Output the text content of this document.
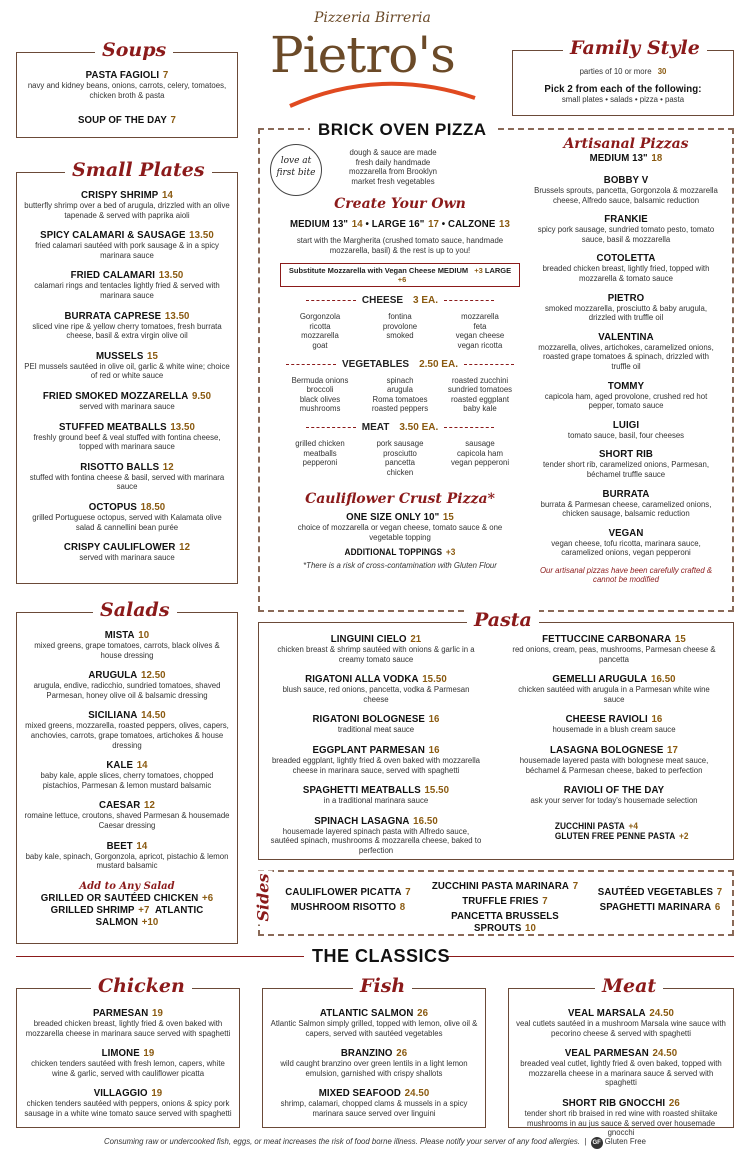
Pizzeria Birreria
Pietro's
Soups
PASTA FAGIOLI 7
navy and kidney beans, onions, carrots, celery, tomatoes, chicken broth & pasta
SOUP OF THE DAY 7
Family Style
parties of 10 or more 30
Pick 2 from each of the following:
small plates • salads • pizza • pasta
Small Plates
CRISPY SHRIMP 14
butterfly shrimp over a bed of arugula, drizzled with an olive tapenade & served with paprika aioli
SPICY CALAMARI & SAUSAGE 13.50
fried calamari sautéed with pork sausage & in a spicy marinara sauce
FRIED CALAMARI 13.50
calamari rings and tentacles lightly fried & served with marinara sauce
BURRATA CAPRESE 13.50
sliced vine ripe & yellow cherry tomatoes, fresh burrata cheese, basil & extra virgin olive oil
MUSSELS 15
PEI mussels sautéed in olive oil, garlic & white wine; choice of red or white sauce
FRIED SMOKED MOZZARELLA 9.50
served with marinara sauce
STUFFED MEATBALLS 13.50
freshly ground beef & veal stuffed with fontina cheese, topped with marinara sauce
RISOTTO BALLS 12
stuffed with fontina cheese & basil, served with marinara sauce
OCTOPUS 18.50
grilled Portuguese octopus, served with Kalamata olive salad & cannellini bean purée
CRISPY CAULIFLOWER 12
served with marinara sauce
Salads
MISTA 10
mixed greens, grape tomatoes, carrots, black olives & house dressing
ARUGULA 12.50
arugula, endive, radicchio, sundried tomatoes, shaved Parmesan, honey olive oil & balsamic dressing
SICILIANA 14.50
mixed greens, mozzarella, roasted peppers, olives, capers, anchovies, carrots, grape tomatoes, artichokes & house dressing
KALE 14
baby kale, apple slices, cherry tomatoes, chopped pistachios, Parmesan & lemon mustard balsamic
CAESAR 12
romaine lettuce, croutons, shaved Parmesan & housemade Caesar dressing
BEET 14
baby kale, spinach, Gorgonzola, apricot, pistachio & lemon mustard balsamic
Add to Any Salad
GRILLED OR SAUTÉED CHICKEN +6
GRILLED SHRIMP +7 ATLANTIC SALMON +10
BRICK OVEN PIZZA
love at first bite
dough & sauce are made fresh daily handmade mozzarella from Brooklyn market fresh vegetables
Create Your Own
MEDIUM 13" 14 • LARGE 16" 17 • CALZONE 13
start with the Margherita (crushed tomato sauce, handmade mozzarella, basil) & the rest is up to you!
Substitute Mozzarella with Vegan Cheese MEDIUM +3 LARGE +6
CHEESE 3 EA.
Gorgonzola
ricotta
mozzarella
goat
fontina
provolone
smoked
mozzarella
feta
vegan cheese
vegan ricotta
VEGETABLES 2.50 EA.
Bermuda onions
broccoli
black olives
mushrooms
spinach
arugula
Roma tomatoes
roasted peppers
roasted zucchini
sundried tomatoes
roasted eggplant
baby kale
MEAT 3.50 EA.
grilled chicken
meatballs
pepperoni
pork sausage
prosciutto
pancetta
chicken
sausage
capicola ham
vegan pepperoni
Cauliflower Crust Pizza*
ONE SIZE ONLY 10" 15
choice of mozzarella or vegan cheese, tomato sauce & one vegetable topping
ADDITIONAL TOPPINGS +3
*There is a risk of cross-contamination with Gluten Flour
Artisanal Pizzas
MEDIUM 13" 18
BOBBY V
Brussels sprouts, pancetta, Gorgonzola & mozzarella cheese, Alfredo sauce, balsamic reduction
FRANKIE
spicy pork sausage, sundried tomato pesto, tomato sauce, basil & mozzarella
COTOLETTA
breaded chicken breast, lightly fried, topped with mozzarella & tomato sauce
PIETRO
smoked mozzarella, prosciutto & baby arugula, drizzled with truffle oil
VALENTINA
mozzarella, olives, artichokes, caramelized onions, roasted grape tomatoes & spinach, drizzled with truffle oil
TOMMY
capicola ham, aged provolone, crushed red hot pepper, tomato sauce
LUIGI
tomato sauce, basil, four cheeses
SHORT RIB
tender short rib, caramelized onions, Parmesan, béchamel truffle sauce
BURRATA
burrata & Parmesan cheese, caramelized onions, chicken sausage, balsamic reduction
VEGAN
vegan cheese, tofu ricotta, marinara sauce, caramelized onions, vegan pepperoni
Our artisanal pizzas have been carefully crafted & cannot be modified
Pasta
LINGUINI CIELO 21
chicken breast & shrimp sautéed with onions & garlic in a creamy tomato sauce
RIGATONI ALLA VODKA 15.50
blush sauce, red onions, pancetta, vodka & Parmesan cheese
RIGATONI BOLOGNESE 16
traditional meat sauce
EGGPLANT PARMESAN 16
breaded eggplant, lightly fried & oven baked with mozzarella cheese in marinara sauce, served with spaghetti
SPAGHETTI MEATBALLS 15.50
in a traditional marinara sauce
SPINACH LASAGNA 16.50
housemade layered spinach pasta with Alfredo sauce, sautéed spinach, mushrooms & mozzarella cheese, baked to perfection
FETTUCCINE CARBONARA 15
red onions, cream, peas, mushrooms, Parmesan cheese & pancetta
GEMELLI ARUGULA 16.50
chicken sautéed with arugula in a Parmesan white wine sauce
CHEESE RAVIOLI 16
housemade in a blush cream sauce
LASAGNA BOLOGNESE 17
housemade layered pasta with bolognese meat sauce, béchamel & Parmesan cheese, baked to perfection
RAVIOLI OF THE DAY
ask your server for today's housemade selection
ZUCCHINI PASTA +4
GLUTEN FREE PENNE PASTA +2
Sides CAULIFLOWER PICATTA 7
MUSHROOM RISOTTO 8
ZUCCHINI PASTA MARINARA 7
TRUFFLE FRIES 7
PANCETTA BRUSSELS SPROUTS 10
SAUTÉED VEGETABLES 7
SPAGHETTI MARINARA 6
THE CLASSICS
Chicken
PARMESAN 19
breaded chicken breast, lightly fried & oven baked with mozzarella cheese in marinara sauce served with spaghetti
LIMONE 19
chicken tenders sautéed with fresh lemon, capers, white wine & garlic, served with cauliflower picatta
VILLAGGIO 19
chicken tenders sautéed with peppers, onions & spicy pork sausage in a white wine tomato sauce served with spaghetti
Fish
ATLANTIC SALMON 26
Atlantic Salmon simply grilled, topped with lemon, olive oil & capers, served with sautéed vegetables
BRANZINO 26
wild caught branzino over green lentils in a light lemon emulsion, garnished with crispy shallots
MIXED SEAFOOD 24.50
shrimp, calamari, chopped clams & mussels in a spicy marinara sauce served over linguini
Meat
VEAL MARSALA 24.50
veal cutlets sautéed in a mushroom Marsala wine sauce with pecorino cheese & served with spaghetti
VEAL PARMESAN 24.50
breaded veal cutlet, lightly fried & oven baked, topped with mozzarella cheese in a marinara sauce & served with spaghetti
SHORT RIB GNOCCHI 26
tender short rib braised in red wine with roasted shiitake mushrooms in au jus sauce & served over housemade gnocchi
Consuming raw or undercooked fish, eggs, or meat increases the risk of food borne illness. Please notify your server of any food allergies.  |  GF Gluten Free
